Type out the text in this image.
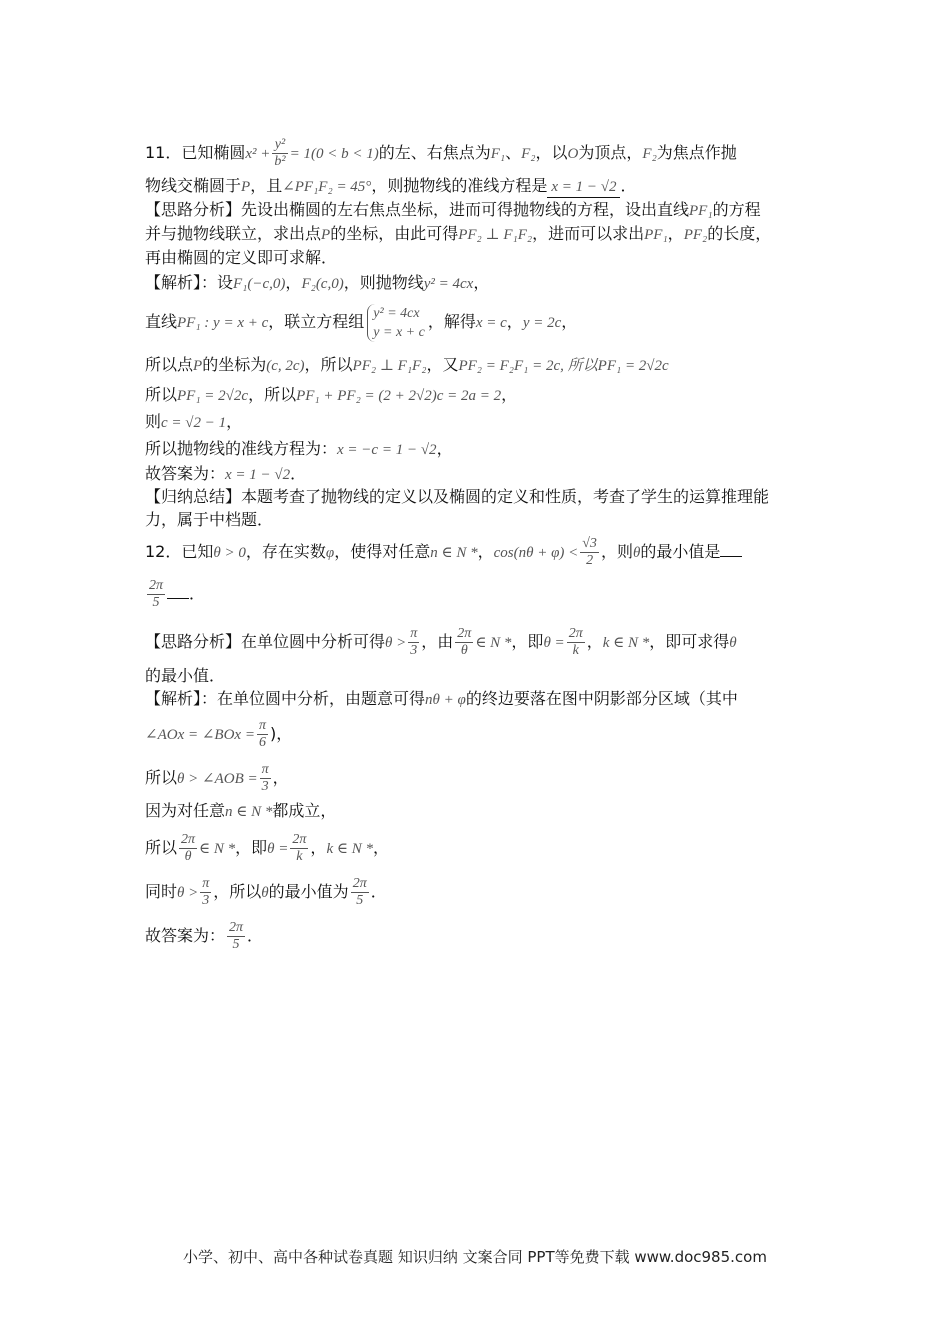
11．已知椭圆$x^2 + \frac{\text{y²}}{\text{b²}} = 1(0 < b < 1)$的左、右焦点为F₁、F₂，以O为顶点，F₂为焦点作抛
物线交椭圆于P，且∠PF₁F₂ = 45°，则抛物线的准线方程是 x = 1 − √2 ．
【思路分析】先设出椭圆的左右焦点坐标，进而可得抛物线的方程，设出直线PF₁的方程
并与抛物线联立，求出点P的坐标，由此可得PF₂ ⊥ F₁F₂，进而可以求出PF₁，PF₂的长度，
再由椭圆的定义即可求解．
【解析】：设F₁(−c,0)，F₂(c,0)，则抛物线y² = 4cx，
直线PF₁ : y = x + c，联立方程组 y² = 4cx
y = x + c
，解得x = c，y = 2c，
所以点P的坐标为(c, 2c)，所以PF₂ ⊥ F₁F₂，又PF₂ = F₂F₁ = 2c, 所以PF₁ = 2√2c
所以PF₁ = 2√2c，所以PF₁ + PF₂ = (2 + 2√2)c = 2a = 2，
则c = √2 − 1，
所以抛物线的准线方程为：x = −c = 1 − √2，
故答案为：x = 1 − √2．
【归纳总结】本题考查了抛物线的定义以及椭圆的定义和性质，考查了学生的运算推理能
力，属于中档题．
12．已知θ > 0，存在实数φ，使得对任意n ∈ N *，$\cos(n\theta + \varphi) < \frac{√3}{2}$ ，则θ的最小值是
$\frac{2\pi}{5}$ ．
【思路分析】在单位圆中分析可得$\theta > \frac{\pi}{3}$ ，由 $\frac{2\pi}{\theta}$ ∈ N *，即$\theta = \frac{2\pi}{k}$ ，k ∈ N *，即可求得θ
的最小值．
【解析】：在单位圆中分析，由题意可得nθ + φ的终边要落在图中阴影部分区域（其中
∠AOx = ∠BOx = $\frac{\pi}{6}$ )，
所以θ > ∠AOB = $\frac{\pi}{3}$ ，
因为对任意n ∈ N *都成立，
所以 $\frac{2\pi}{\theta}$ ∈ N *，即$\theta = \frac{2\pi}{k}$ ，k ∈ N *，
同时$\theta > \frac{\pi}{3}$ ，所以θ的最小值为 $\frac{2\pi}{5}$ ．
故答案为： $\frac{2\pi}{5}$ ．
小学、初中、高中各种试卷真题 知识归纳 文案合同 PPT等免费下载 www.doc985.com
